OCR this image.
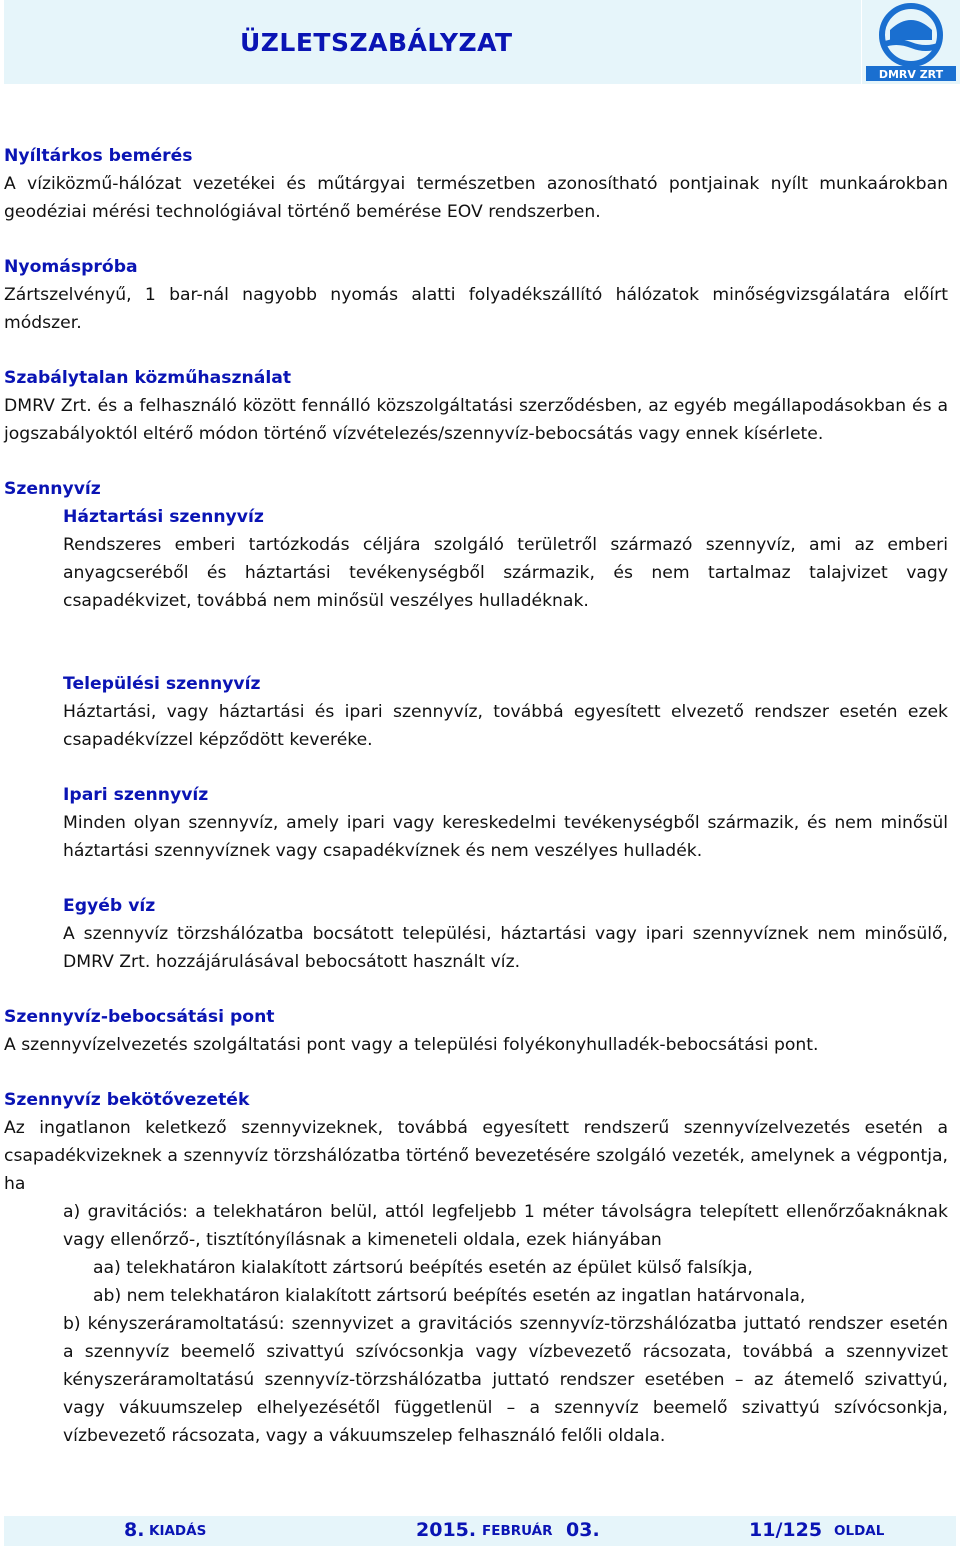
ÜZLETSZABÁLYZAT
DMRV ZRT

Nyíltárkos bemérés

A víziközmű-hálózat vezetékei és műtárgyai természetben azonosítható pontjainak nyílt munkaárokban geodéziai mérési technológiával történő bemérése EOV rendszerben.

Nyomáspróba

Zártszelvényű, 1 bar-nál nagyobb nyomás alatti folyadékszállító hálózatok minőségvizsgálatára előírt módszer.

Szabálytalan közműhasználat

DMRV Zrt. és a felhasználó között fennálló közszolgáltatási szerződésben, az egyéb megállapodásokban és a jogszabályoktól eltérő módon történő vízvételezés/szennyvíz-bebocsátás vagy ennek kísérlete.

Szennyvíz

Háztartási szennyvíz

Rendszeres emberi tartózkodás céljára szolgáló területről származó szennyvíz, ami az emberi anyagcseréből és háztartási tevékenységből származik, és nem tartalmaz talajvizet vagy csapadékvizet, továbbá nem minősül veszélyes hulladéknak.

Települési szennyvíz

Háztartási, vagy háztartási és ipari szennyvíz, továbbá egyesített elvezető rendszer esetén ezek csapadékvízzel képződött keveréke.

Ipari szennyvíz

Minden olyan szennyvíz, amely ipari vagy kereskedelmi tevékenységből származik, és nem minősül háztartási szennyvíznek vagy csapadékvíznek és nem veszélyes hulladék.

Egyéb víz

A szennyvíz törzshálózatba bocsátott települési, háztartási vagy ipari szennyvíznek nem minősülő, DMRV Zrt. hozzájárulásával bebocsátott használt víz.

Szennyvíz-bebocsátási pont

A szennyvízelvezetés szolgáltatási pont vagy a települési folyékonyhulladék-bebocsátási pont.

Szennyvíz bekötővezeték

Az ingatlanon keletkező szennyvizeknek, továbbá egyesített rendszerű szennyvízelvezetés esetén a csapadékvizeknek a szennyvíz törzshálózatba történő bevezetésére szolgáló vezeték, amelynek a végpontja, ha

a) gravitációs: a telekhatáron belül, attól legfeljebb 1 méter távolságra telepített ellenőrzőaknáknak vagy ellenőrző-, tisztítónyílásnak a kimeneteli oldala, ezek hiányában

aa) telekhatáron kialakított zártsorú beépítés esetén az épület külső falsíkja,

ab) nem telekhatáron kialakított zártsorú beépítés esetén az ingatlan határvonala,

b) kényszeráramoltatású: szennyvizet a gravitációs szennyvíz-törzshálózatba juttató rendszer esetén a szennyvíz beemelő szivattyú szívócsonkja vagy vízbevezető rácsozata, továbbá a szennyvizet kényszeráramoltatású szennyvíz-törzshálózatba juttató rendszer esetében – az átemelő szivattyú, vagy vákuumszelep elhelyezésétől függetlenül – a szennyvíz beemelő szivattyú szívócsonkja, vízbevezető rácsozata, vagy a vákuumszelep felhasználó felőli oldala.

8. KIADÁS	2015. FEBRUÁR 03.	11/125 OLDAL
